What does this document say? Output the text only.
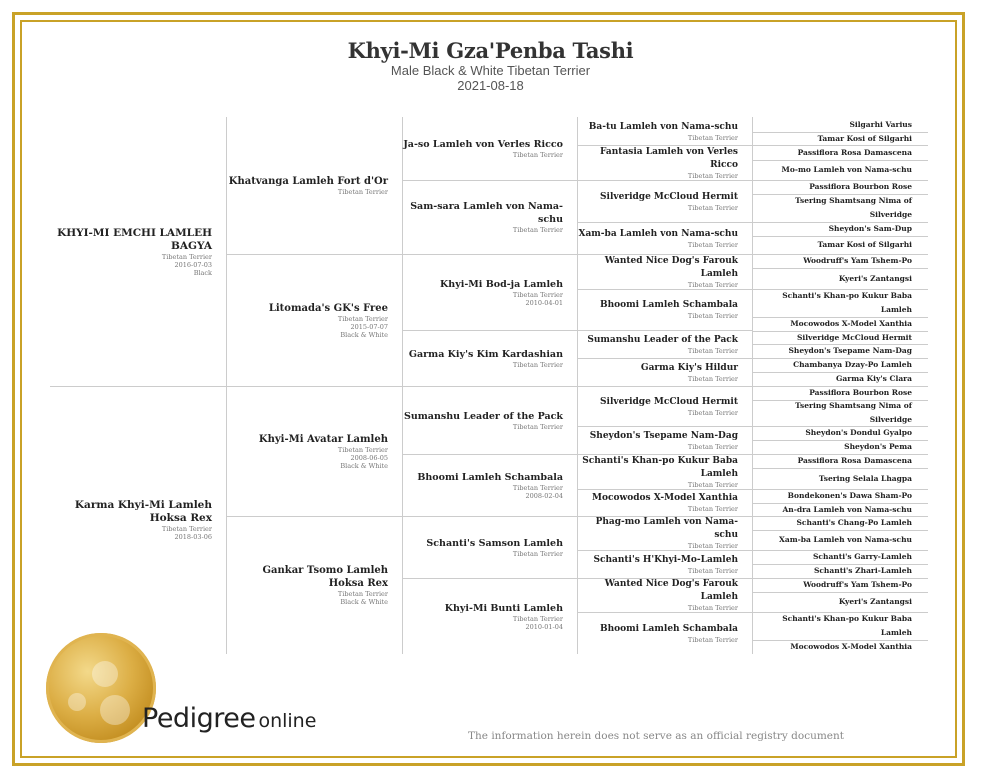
Khyi-Mi Gza'Penba Tashi
Male Black & White Tibetan Terrier
2021-08-18
KHYI-MI EMCHI LAMLEH BAGYA
Tibetan Terrier
2016-07-03
Black
Karma Khyi-Mi Lamleh Hoksa Rex
Tibetan Terrier
2018-03-06
Khatvanga Lamleh Fort d'Or
Tibetan Terrier
Litomada's GK's Free
Tibetan Terrier
2015-07-07
Black & White
Khyi-Mi Avatar Lamleh
Tibetan Terrier
2008-06-05
Black & White
Gankar Tsomo Lamleh Hoksa Rex
Tibetan Terrier
Black & White
Ja-so Lamleh von Verles Ricco
Tibetan Terrier
Sam-sara Lamleh von Nama-schu
Tibetan Terrier
Khyi-Mi Bod-ja Lamleh
Tibetan Terrier
2010-04-01
Garma Kiy's Kim Kardashian
Tibetan Terrier
Sumanshu Leader of the Pack
Tibetan Terrier
Bhoomi Lamleh Schambala
Tibetan Terrier
2008-02-04
Schanti's Samson Lamleh
Tibetan Terrier
Khyi-Mi Bunti Lamleh
Tibetan Terrier
2010-01-04
Ba-tu Lamleh von Nama-schu
Tibetan Terrier
Fantasia Lamleh von Verles Ricco
Tibetan Terrier
Silveridge McCloud Hermit
Tibetan Terrier
Xam-ba Lamleh von Nama-schu
Tibetan Terrier
Wanted Nice Dog's Farouk Lamleh
Tibetan Terrier
Bhoomi Lamleh Schambala
Tibetan Terrier
Sumanshu Leader of the Pack
Tibetan Terrier
Garma Kiy's Hildur
Tibetan Terrier
Silveridge McCloud Hermit
Tibetan Terrier
Sheydon's Tsepame Nam-Dag
Tibetan Terrier
Schanti's Khan-po Kukur Baba Lamleh
Tibetan Terrier
Mocowodos X-Model Xanthia
Tibetan Terrier
Phag-mo Lamleh von Nama-schu
Tibetan Terrier
Schanti's H'Khyi-Mo-Lamleh
Tibetan Terrier
Wanted Nice Dog's Farouk Lamleh
Tibetan Terrier
Bhoomi Lamleh Schambala
Tibetan Terrier
Silgarhi Varius
Tamar Kosi of Silgarhi
Passiflora Rosa Damascena
Mo-mo Lamleh von Nama-schu
Passiflora Bourbon Rose
Tsering Shamtsang Nima of Silveridge
Sheydon's Sam-Dup
Tamar Kosi of Silgarhi
Woodruff's Yam Tshem-Po
Kyeri's Zantangsi
Schanti's Khan-po Kukur Baba Lamleh
Mocowodos X-Model Xanthia
Silveridge McCloud Hermit
Sheydon's Tsepame Nam-Dag
Chambanya Dzay-Po Lamleh
Garma Kiy's Clara
Passiflora Bourbon Rose
Tsering Shamtsang Nima of Silveridge
Sheydon's Dondul Gyalpo
Sheydon's Pema
Passiflora Rosa Damascena
Tsering Selala Lhagpa
Bondekonen's Dawa Sham-Po
An-dra Lamleh von Nama-schu
Schanti's Chang-Po Lamleh
Xam-ba Lamleh von Nama-schu
Schanti's Garry-Lamleh
Schanti's Zhari-Lamleh
Woodruff's Yam Tshem-Po
Kyeri's Zantangsi
Schanti's Khan-po Kukur Baba Lamleh
Mocowodos X-Model Xanthia
Pedigree online
The information herein does not serve as an official registry document
